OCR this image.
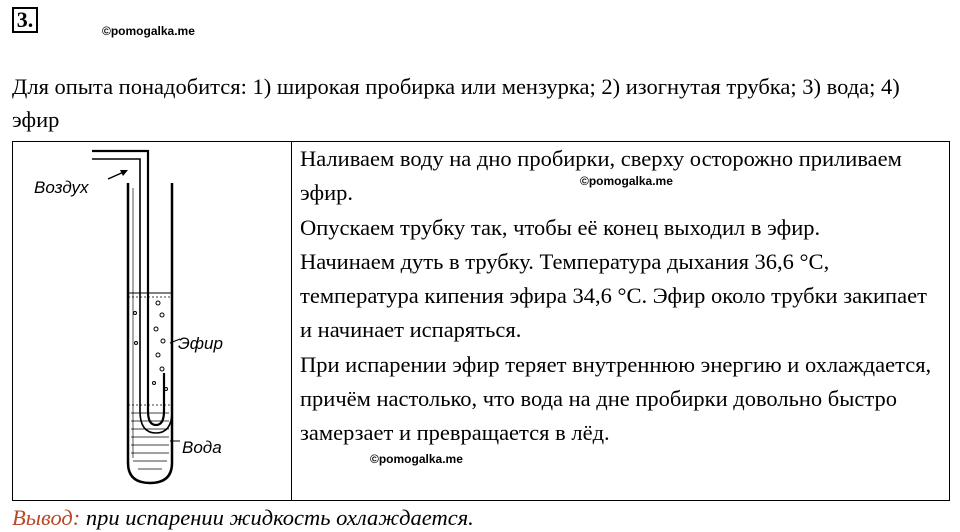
3.	©pomogalka.me
Для опыта понадобится: 1) широкая пробирка или мензурка; 2) изогнутая трубка; 3) вода; 4) эфир
Воздух
Эфир
Вода

Наливаем воду на дно пробирки, сверху осторожно приливаем эфир.

Опускаем трубку так, чтобы её конец выходил в эфир.

Начинаем дуть в трубку. Температура дыхания 36,6 °С, температура кипения эфира 34,6 °С. Эфир около трубки закипает и начинает испаряться.

При испарении эфир теряет внутреннюю энергию и охлаждается, причём настолько, что вода на дне пробирки довольно быстро замерзает и превращается в лёд.

©pomogalka.me
©pomogalka.me
Вывод: при испарении жидкость охлаждается.
